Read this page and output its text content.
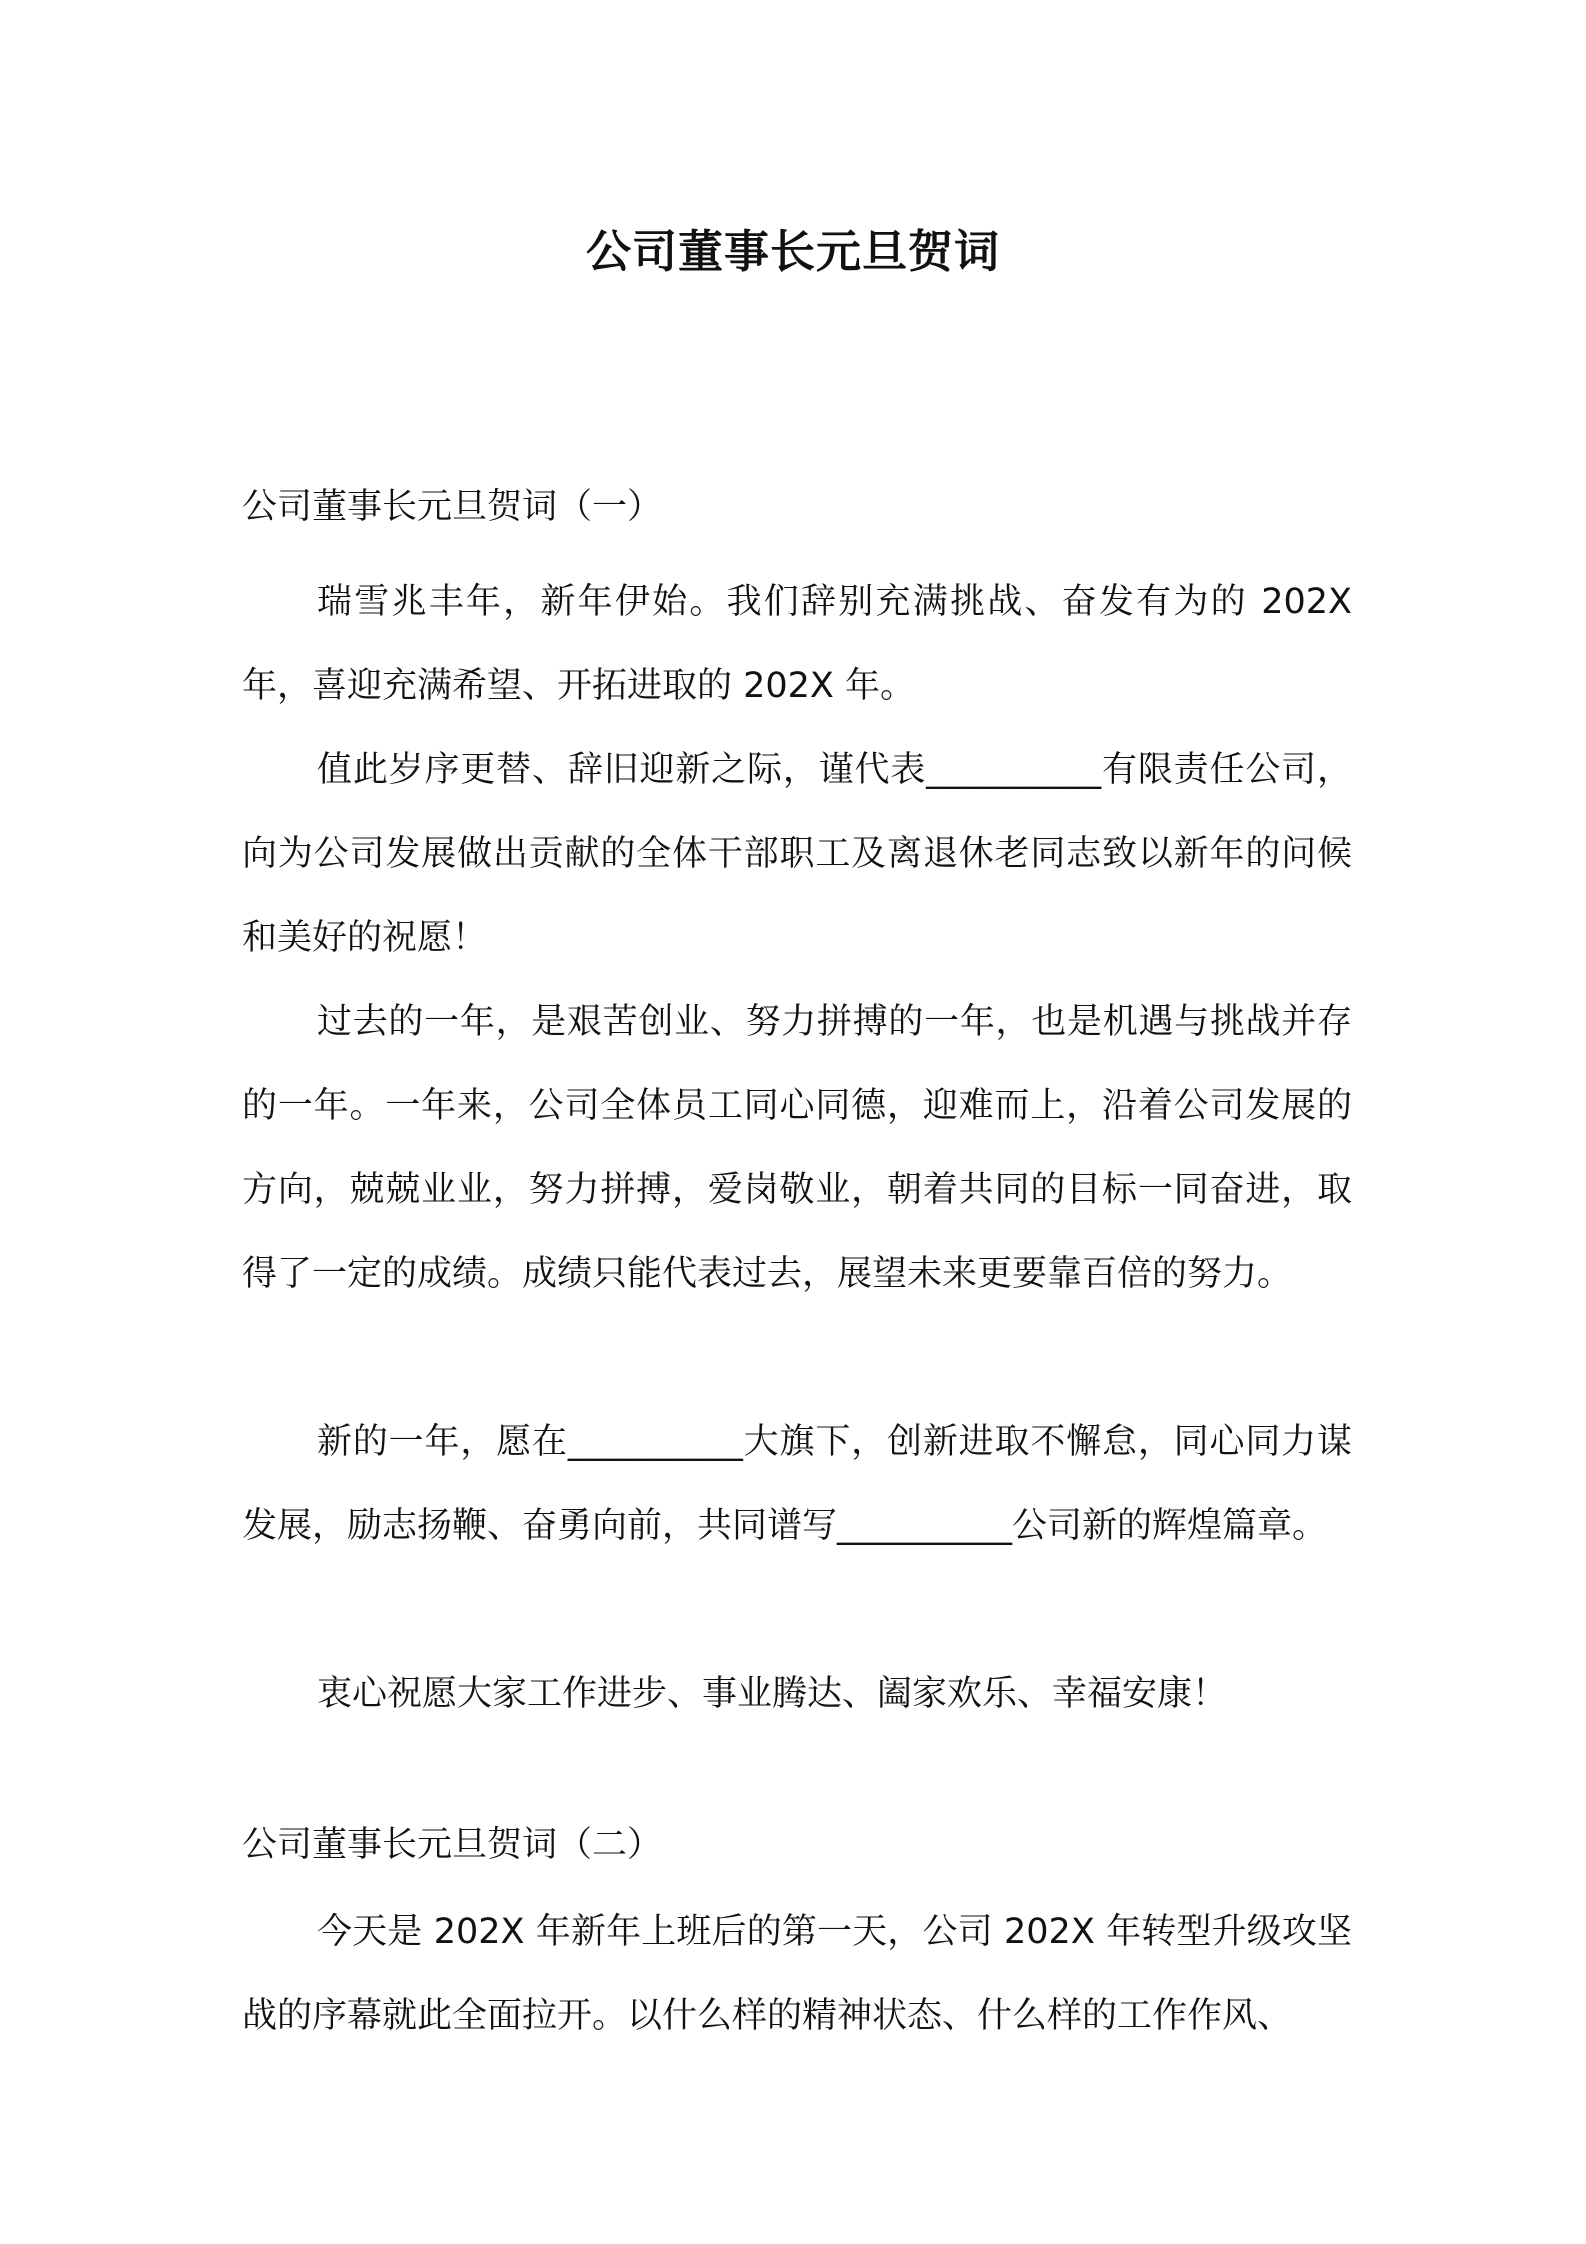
公司董事长元旦贺词
公司董事长元旦贺词（一）

瑞雪兆丰年，新年伊始。我们辞别充满挑战、奋发有为的 202X 年，喜迎充满希望、开拓进取的 202X 年。

值此岁序更替、辞旧迎新之际，谨代表__________有限责任公司，向为公司发展做出贡献的全体干部职工及离退休老同志致以新年的问候和美好的祝愿！

过去的一年，是艰苦创业、努力拼搏的一年，也是机遇与挑战并存的一年。一年来，公司全体员工同心同德，迎难而上，沿着公司发展的方向，兢兢业业，努力拼搏，爱岗敬业，朝着共同的目标一同奋进，取得了一定的成绩。成绩只能代表过去，展望未来更要靠百倍的努力。

新的一年，愿在__________大旗下，创新进取不懈怠，同心同力谋发展，励志扬鞭、奋勇向前，共同谱写__________公司新的辉煌篇章。

衷心祝愿大家工作进步、事业腾达、阖家欢乐、幸福安康！

公司董事长元旦贺词（二）

今天是 202X 年新年上班后的第一天，公司 202X 年转型升级攻坚战的序幕就此全面拉开。以什么样的精神状态、什么样的工作作风、
